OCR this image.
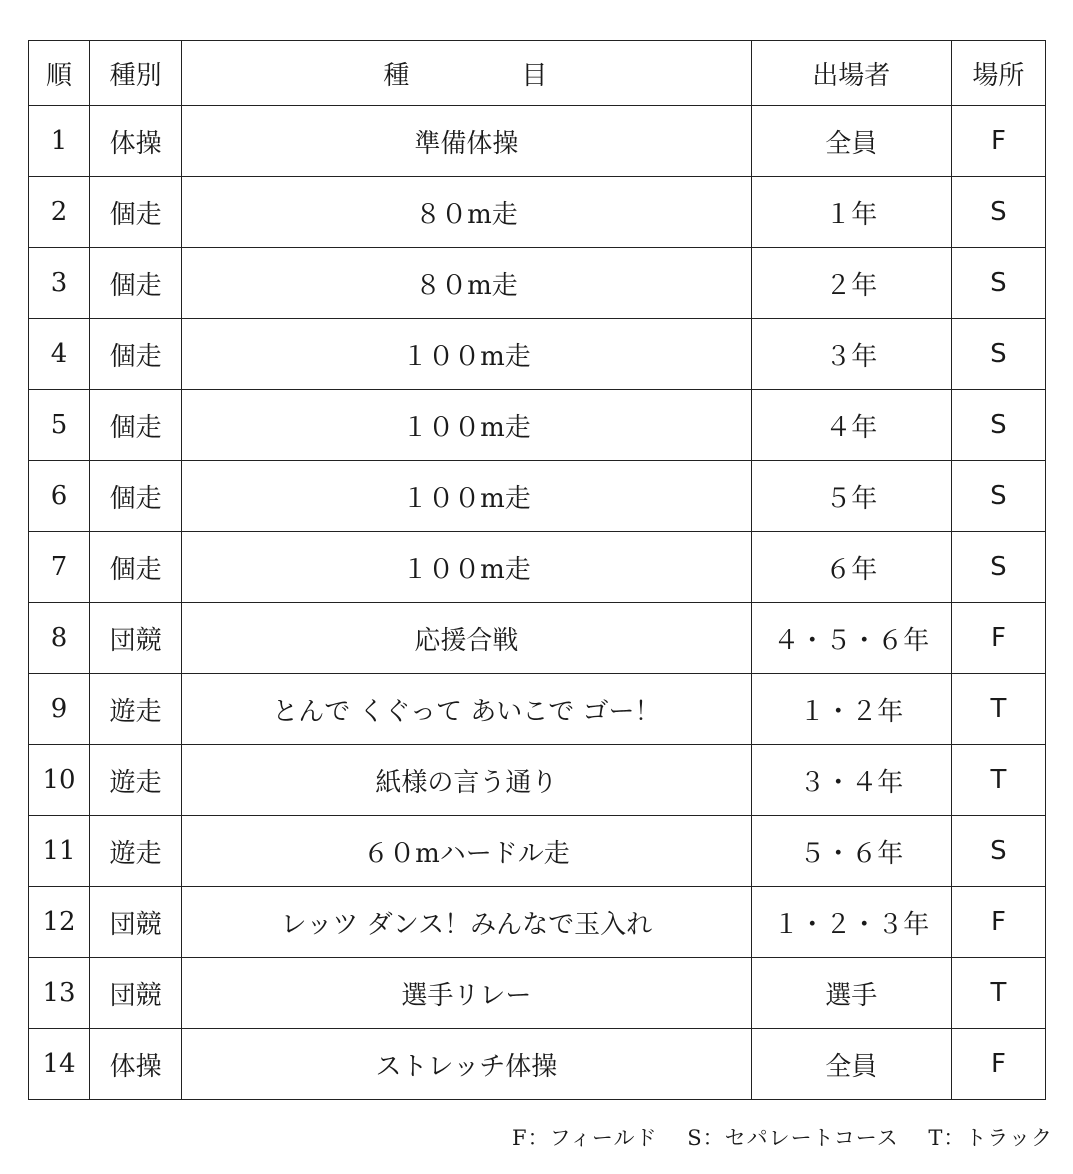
順	種別	種 目	出場者	場所
1	体操	準備体操	全員	F
2	個走	８０m走	１年	S
3	個走	８０m走	２年	S
4	個走	１００m走	３年	S
5	個走	１００m走	４年	S
6	個走	１００m走	５年	S
7	個走	１００m走	６年	S
8	団競	応援合戦	４・５・６年	F
9	遊走	とんで くぐって あいこで ゴー！	１・２年	T
10	遊走	紙様の言う通り	３・４年	T
11	遊走	６０mハードル走	５・６年	S
12	団競	レッツ ダンス！みんなで玉入れ	１・２・３年	F
13	団競	選手リレー	選手	T
14	体操	ストレッチ体操	全員	F
F：フィールド S：セパレートコース T：トラック
